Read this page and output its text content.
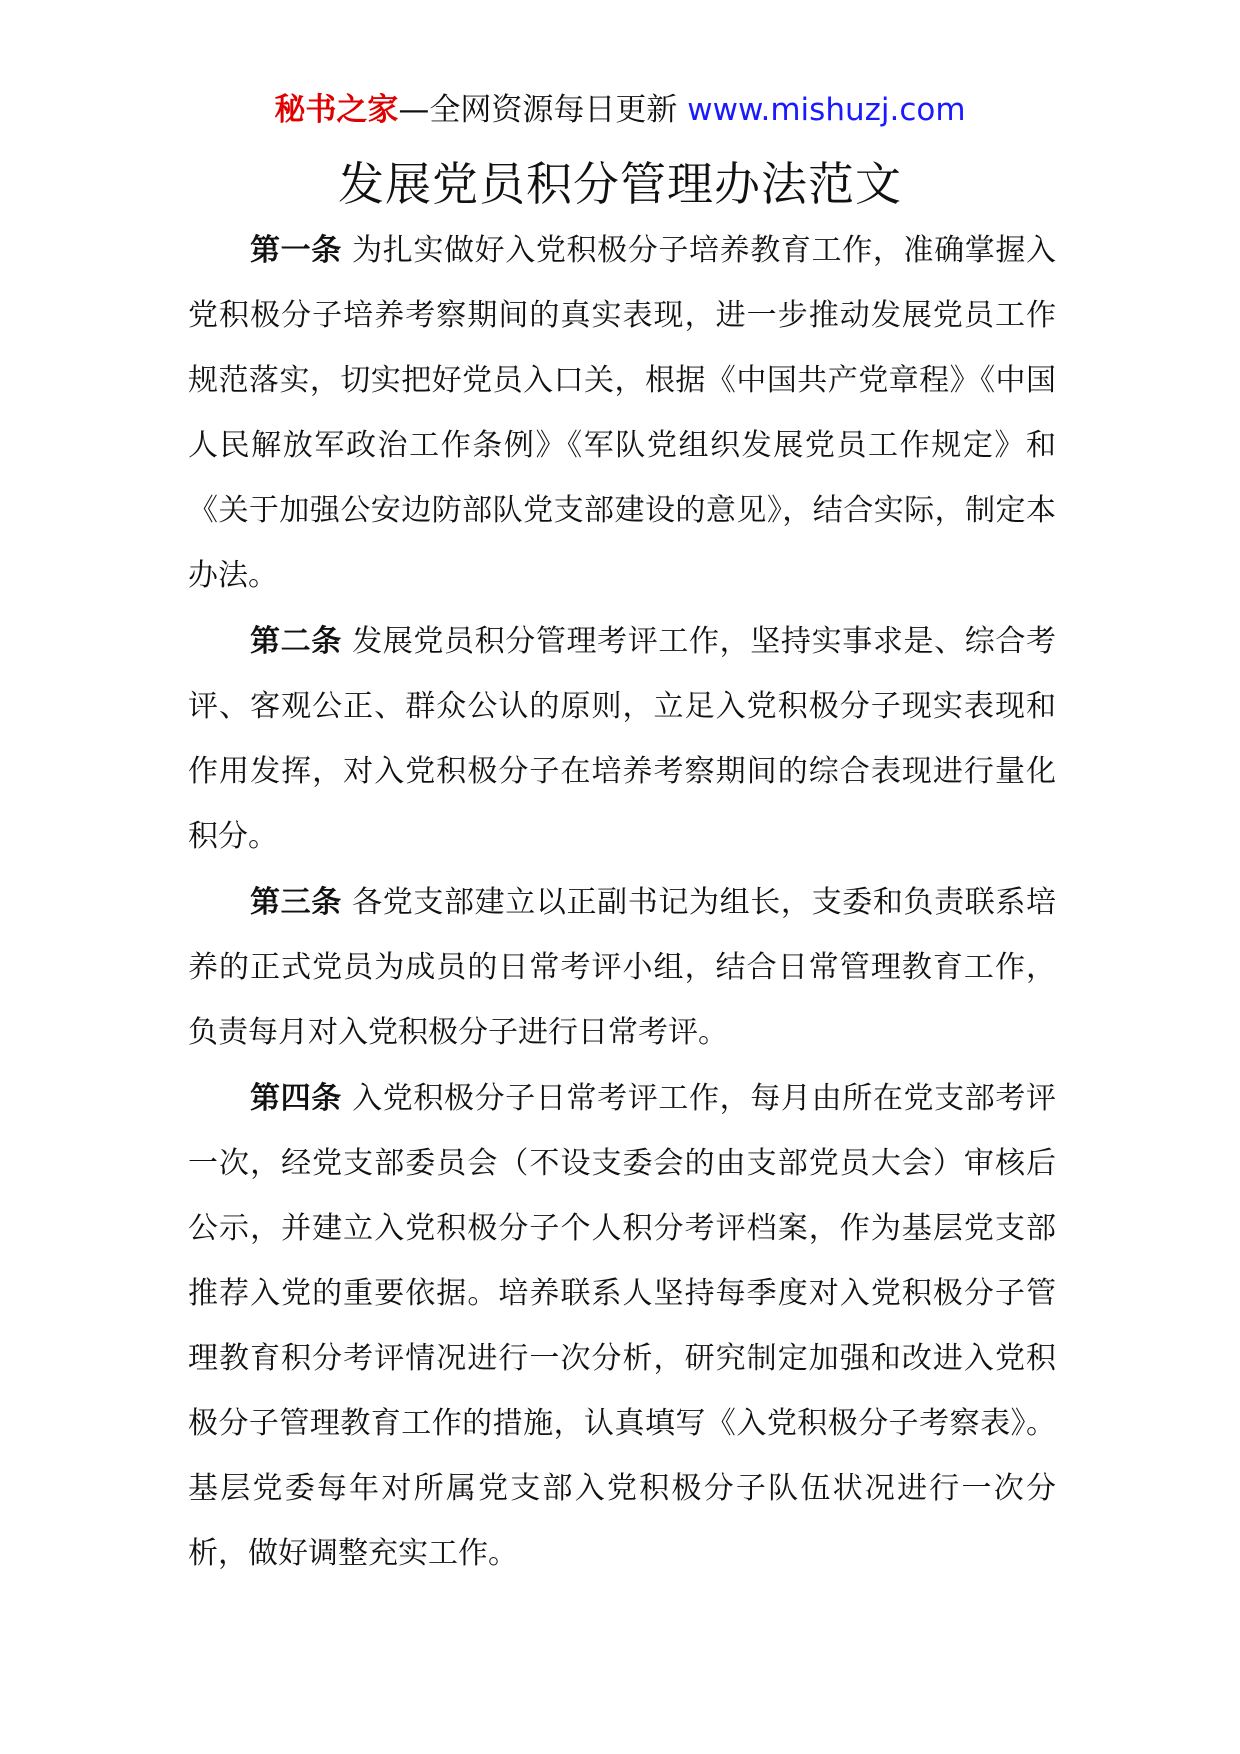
秘书之家—全网资源每日更新 www.mishuzj.com
发展党员积分管理办法范文

第一条 为扎实做好入党积极分子培养教育工作，准确掌握入党积极分子培养考察期间的真实表现，进一步推动发展党员工作规范落实，切实把好党员入口关，根据《中国共产党章程》《中国人民解放军政治工作条例》《军队党组织发展党员工作规定》和《关于加强公安边防部队党支部建设的意见》，结合实际，制定本办法。

第二条 发展党员积分管理考评工作，坚持实事求是、综合考评、客观公正、群众公认的原则，立足入党积极分子现实表现和作用发挥，对入党积极分子在培养考察期间的综合表现进行量化积分。

第三条 各党支部建立以正副书记为组长，支委和负责联系培养的正式党员为成员的日常考评小组，结合日常管理教育工作，负责每月对入党积极分子进行日常考评。

第四条 入党积极分子日常考评工作，每月由所在党支部考评一次，经党支部委员会（不设支委会的由支部党员大会）审核后公示，并建立入党积极分子个人积分考评档案，作为基层党支部推荐入党的重要依据。培养联系人坚持每季度对入党积极分子管理教育积分考评情况进行一次分析，研究制定加强和改进入党积极分子管理教育工作的措施，认真填写《入党积极分子考察表》。基层党委每年对所属党支部入党积极分子队伍状况进行一次分析，做好调整充实工作。
